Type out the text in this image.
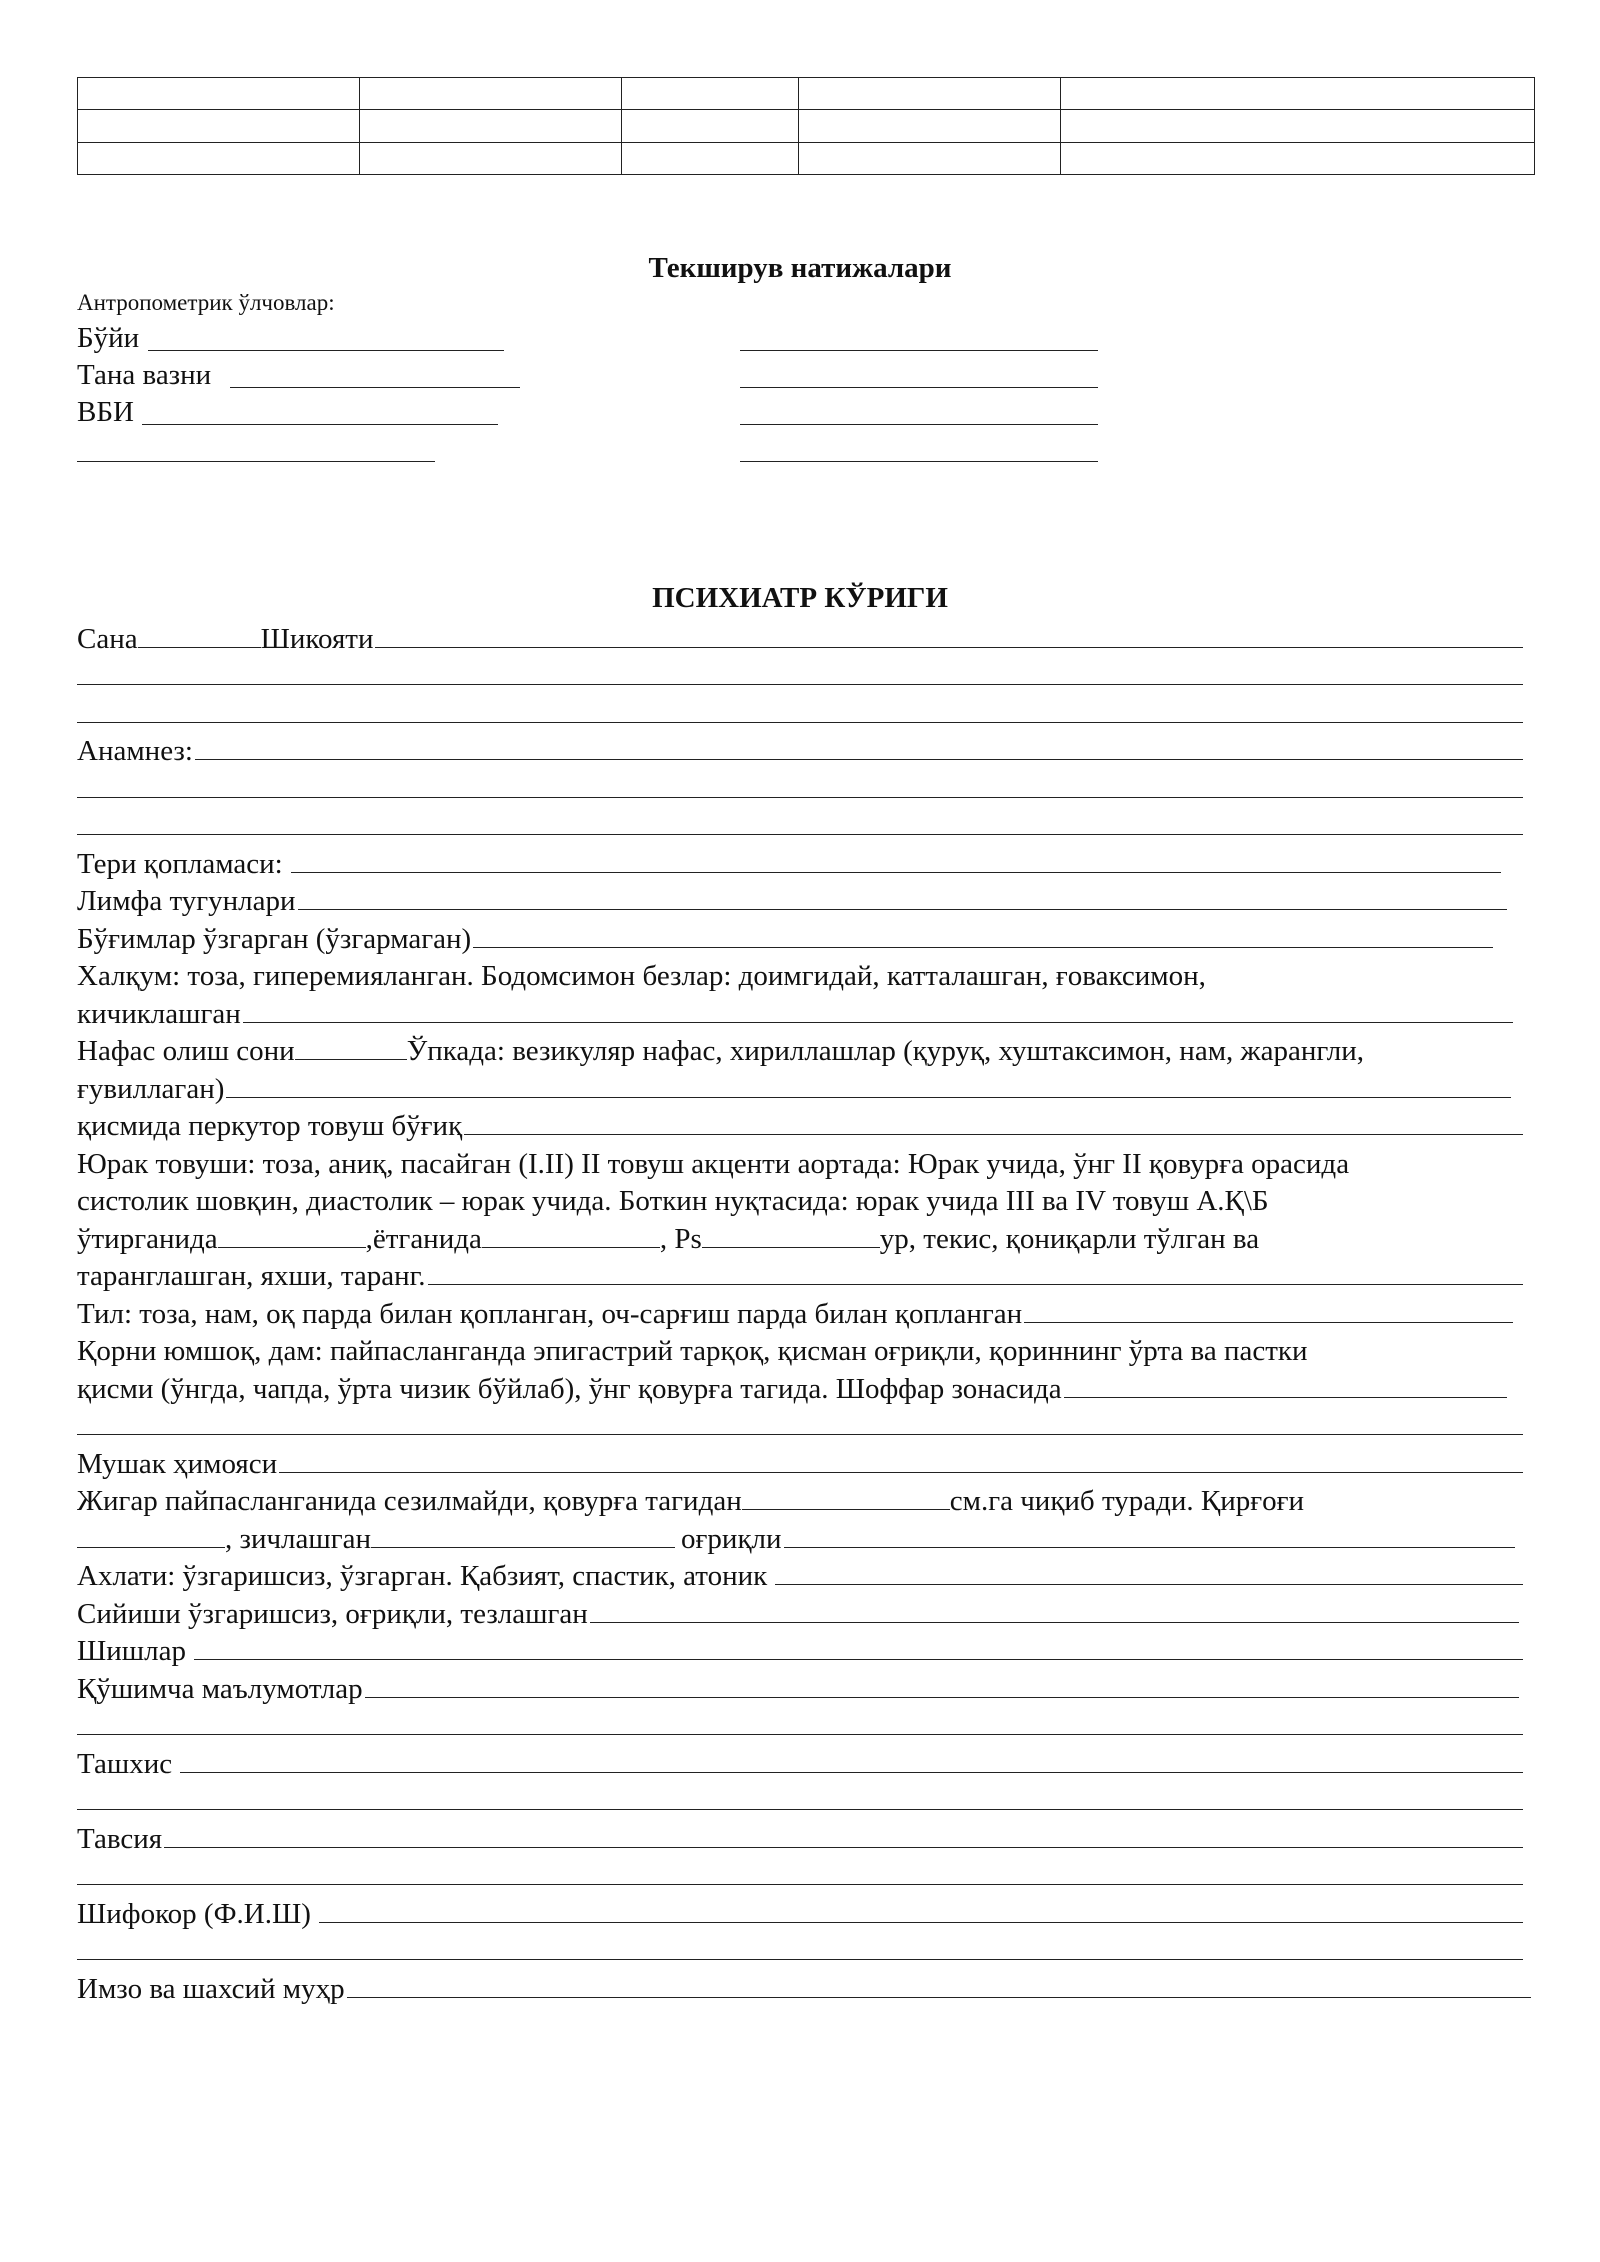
Текширув натижалари
Антропометрик ўлчовлар:
Бўйи
Тана вазни
ВБИ
ПСИХИАТР КЎРИГИ
Сана	Шикояти
Анамнез:
Тери қопламаси:
Лимфа тугунлари
Бўғимлар ўзгарган (ўзгармаган)
Халқум: тоза, гиперемияланган. Бодомсимон безлар: доимгидай, катталашган, ғоваксимон,
кичиклашган
Нафас олиш сони	Ўпкада: везикуляр нафас, хириллашлар (қуруқ, хуштаксимон, нам, жарангли,
ғувиллаган)
қисмида перкутор товуш бўғиқ
Юрак товуши: тоза, аниқ, пасайган (I.II) II товуш акценти аортада: Юрак учида, ўнг II қовурға орасида
систолик шовқин, диастолик – юрак учида. Боткин нуқтасида: юрак учида III ва IV товуш А.Қ\Б
ўтирганида	,ётганида	, Ps	ур, текис, қониқарли тўлган ва
таранглашган, яхши, таранг.
Тил: тоза, нам, оқ парда билан қопланган, оч-сарғиш парда билан қопланган
Қорни юмшоқ, дам: пайпасланганда эпигастрий тарқоқ, қисман оғриқли, қориннинг ўрта ва пастки
қисми (ўнгда, чапда, ўрта чизик бўйлаб), ўнг қовурға тагида. Шоффар зонасида
Мушак ҳимояси
Жигар пайпасланганида сезилмайди, қовурға тагидан	см.га чиқиб туради. Қирғоғи
, зичлашган	оғриқли
Ахлати: ўзгаришсиз, ўзгарган. Қабзият, спастик, атоник
Сийиши ўзгаришсиз, оғриқли, тезлашган
Шишлар
Қўшимча маълумотлар
Ташхис
Тавсия
Шифокор (Ф.И.Ш)
Имзо ва шахсий муҳр
